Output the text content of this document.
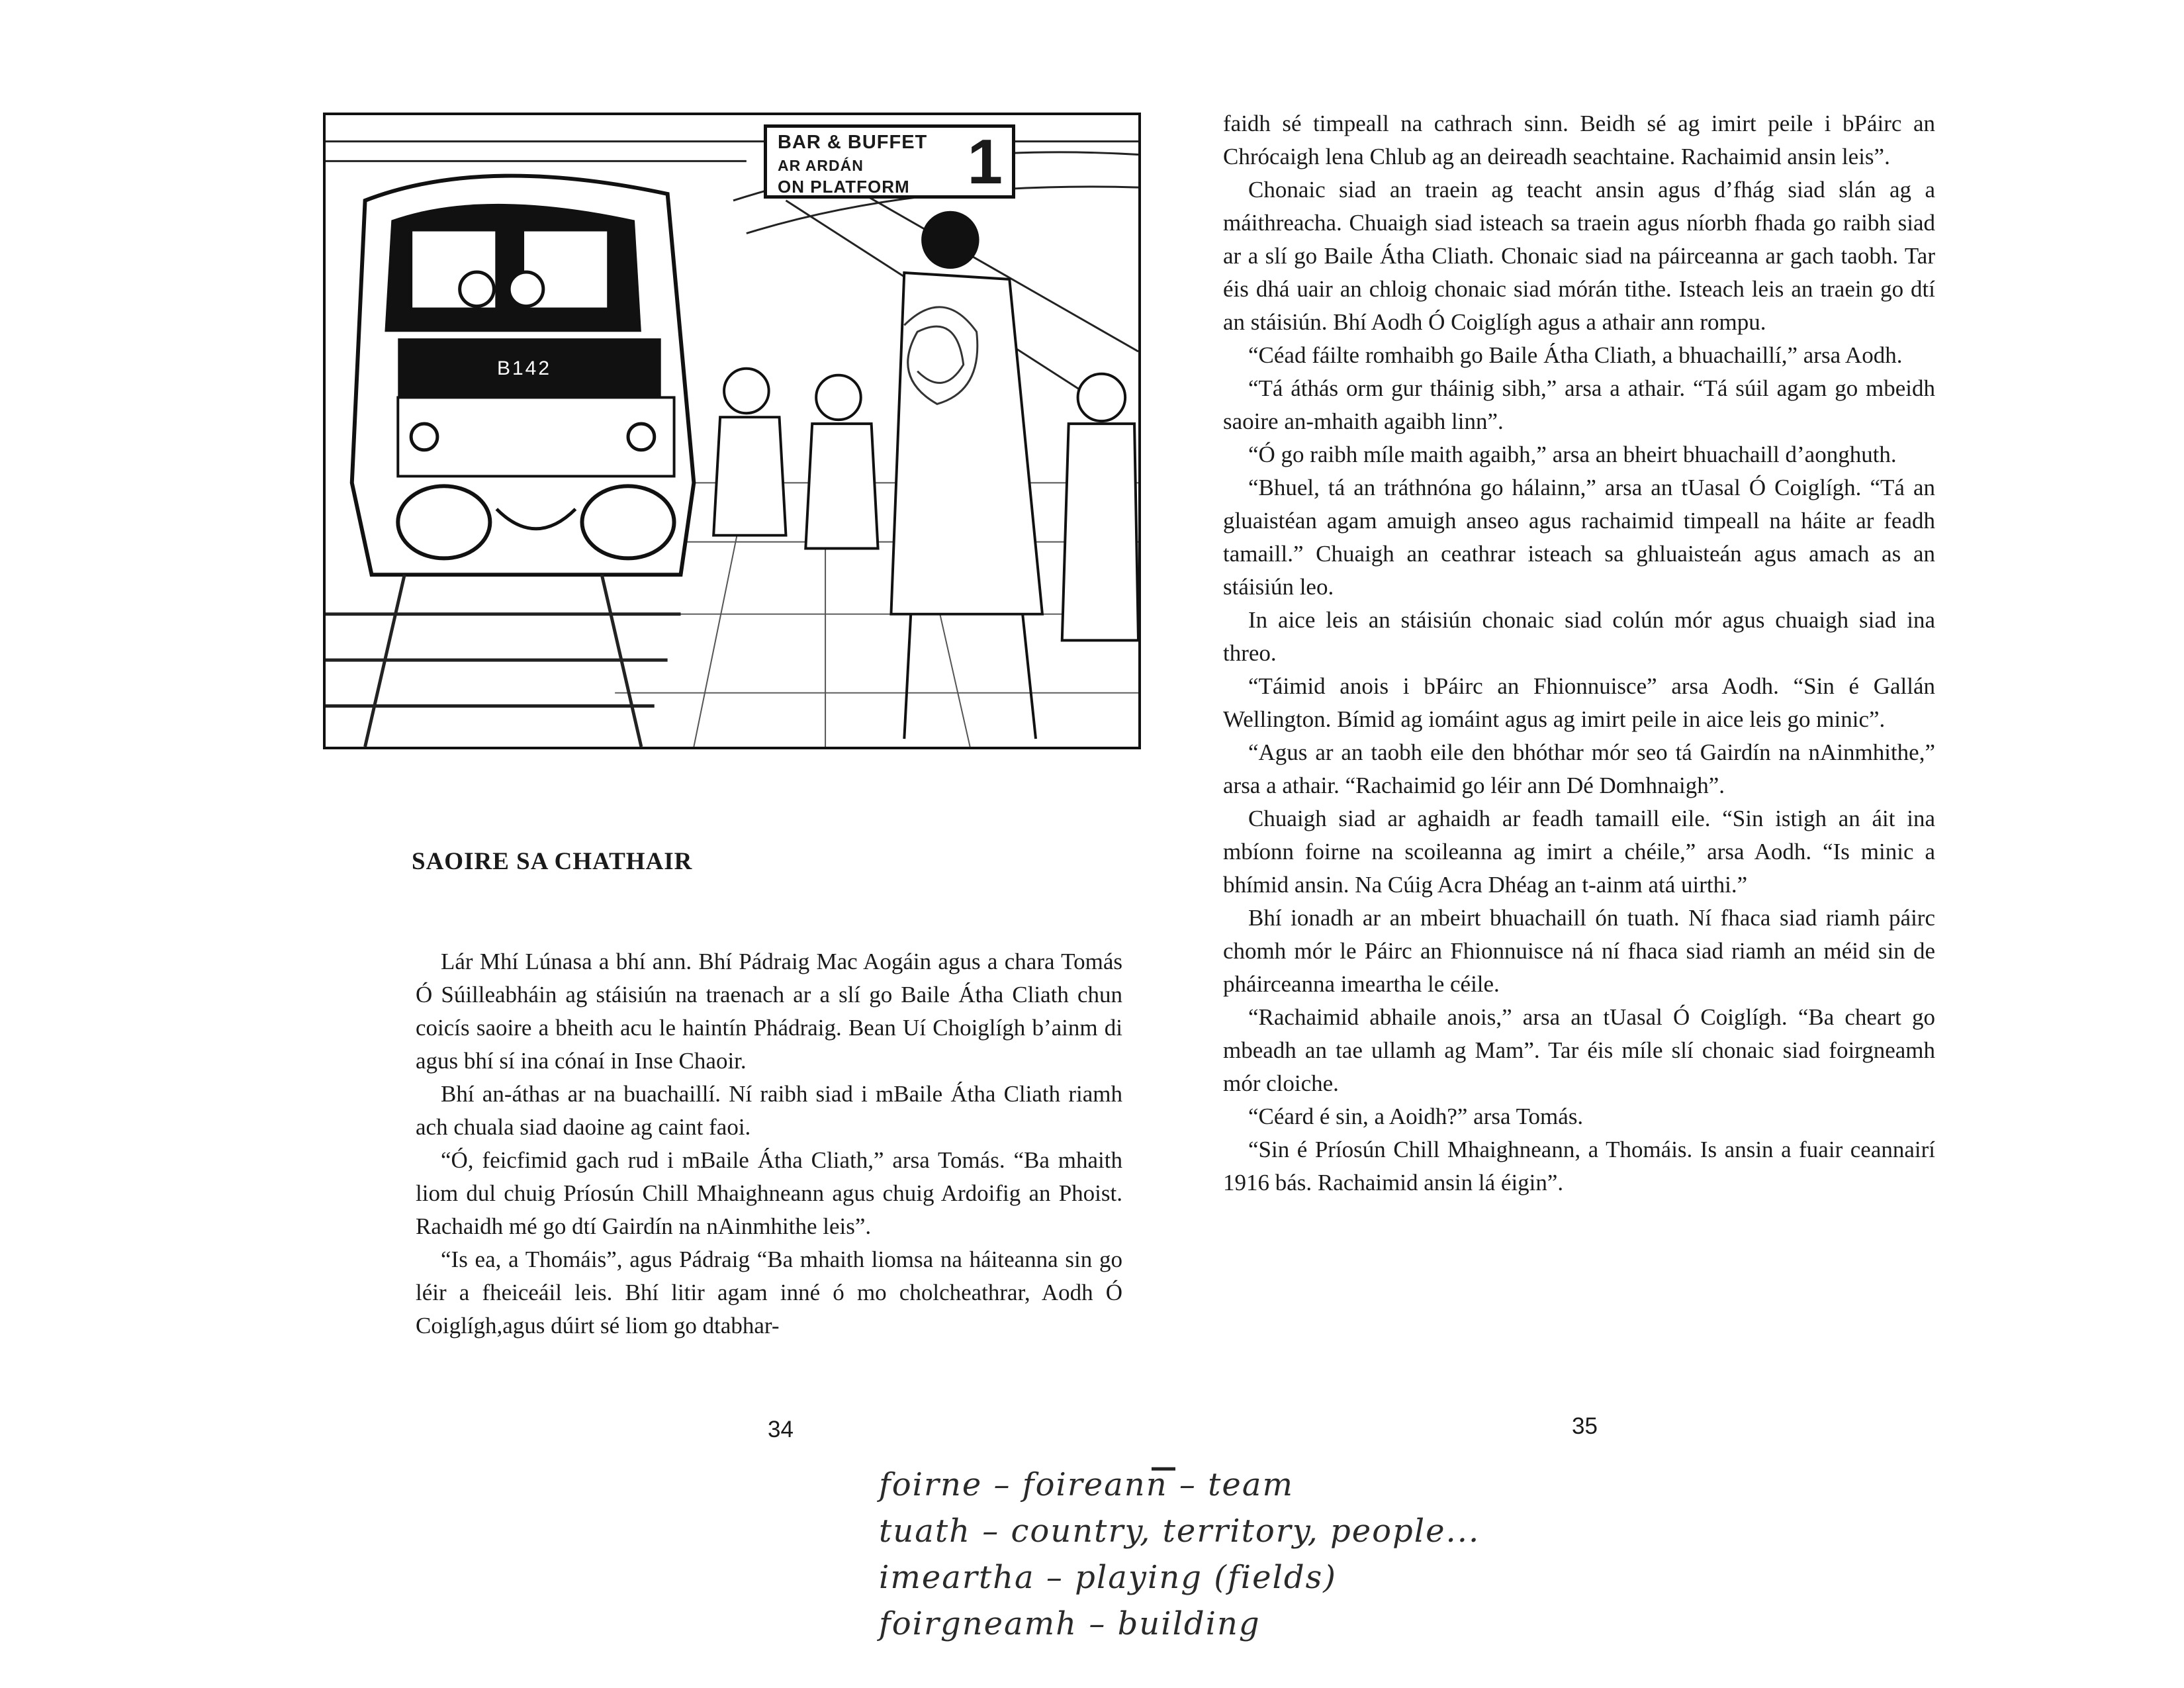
BAR & BUFFET
AR ARDÁN
ON PLATFORM 1
B142
SAOIRE SA CHATHAIR

Lár Mhí Lúnasa a bhí ann. Bhí Pádraig Mac Aogáin agus a chara Tomás Ó Súilleabháin ag stáisiún na traenach ar a slí go Baile Átha Cliath chun coicís saoire a bheith acu le haintín Phádraig. Bean Uí Choiglígh b’ainm di agus bhí sí ina cónaí in Inse Chaoir.

Bhí an-áthas ar na buachaillí. Ní raibh siad i mBaile Átha Cliath riamh ach chuala siad daoine ag caint faoi.

“Ó, feicfimid gach rud i mBaile Átha Cliath,” arsa Tomás. “Ba mhaith liom dul chuig Príosún Chill Mhaighneann agus chuig Ardoifig an Phoist. Rachaidh mé go dtí Gairdín na nAinmhithe leis”.

“Is ea, a Thomáis”, agus Pádraig “Ba mhaith liomsa na háiteanna sin go léir a fheiceáil leis. Bhí litir agam inné ó mo cholcheathrar, Aodh Ó Coiglígh,agus dúirt sé liom go dtabhar-

34

faidh sé timpeall na cathrach sinn. Beidh sé ag imirt peile i bPáirc an Chrócaigh lena Chlub ag an deireadh seachtaine. Rachaimid ansin leis”.

Chonaic siad an traein ag teacht ansin agus d’fhág siad slán ag a máithreacha. Chuaigh siad isteach sa traein agus níorbh fhada go raibh siad ar a slí go Baile Átha Cliath. Chonaic siad na páirceanna ar gach taobh. Tar éis dhá uair an chloig chonaic siad mórán tithe. Isteach leis an traein go dtí an stáisiún. Bhí Aodh Ó Coiglígh agus a athair ann rompu.

“Céad fáilte romhaibh go Baile Átha Cliath, a bhuachaillí,” arsa Aodh.

“Tá áthás orm gur tháinig sibh,” arsa a athair. “Tá súil agam go mbeidh saoire an-mhaith agaibh linn”.

“Ó go raibh míle maith agaibh,” arsa an bheirt bhuachaill d’aonghuth.

“Bhuel, tá an tráthnóna go hálainn,” arsa an tUasal Ó Coiglígh. “Tá an gluaistéan agam amuigh anseo agus rachaimid timpeall na háite ar feadh tamaill.” Chuaigh an ceathrar isteach sa ghluaisteán agus amach as an stáisiún leo.

In aice leis an stáisiún chonaic siad colún mór agus chuaigh siad ina threo.

“Táimid anois i bPáirc an Fhionnuisce” arsa Aodh. “Sin é Gallán Wellington. Bímid ag iomáint agus ag imirt peile in aice leis go minic”.

“Agus ar an taobh eile den bhóthar mór seo tá Gairdín na nAinmhithe,” arsa a athair. “Rachaimid go léir ann Dé Domhnaigh”.

Chuaigh siad ar aghaidh ar feadh tamaill eile. “Sin istigh an áit ina mbíonn foirne na scoileanna ag imirt a chéile,” arsa Aodh. “Is minic a bhímid ansin. Na Cúig Acra Dhéag an t-ainm atá uirthi.”

Bhí ionadh ar an mbeirt bhuachaill ón tuath. Ní fhaca siad riamh páirc chomh mór le Páirc an Fhionnuisce ná ní fhaca siad riamh an méid sin de pháirceanna imeartha le céile.

“Rachaimid abhaile anois,” arsa an tUasal Ó Coiglígh. “Ba cheart go mbeadh an tae ullamh ag Mam”. Tar éis míle slí chonaic siad foirgneamh mór cloiche.

“Céard é sin, a Aoidh?” arsa Tomás.

“Sin é Príosún Chill Mhaighneann, a Thomáis. Is ansin a fuair ceannairí 1916 bás. Rachaimid ansin lá éigin”.

35
foirne – foireann – team
tuath – country, territory, people...
imeartha – playing (fields)
foirgneamh – building
